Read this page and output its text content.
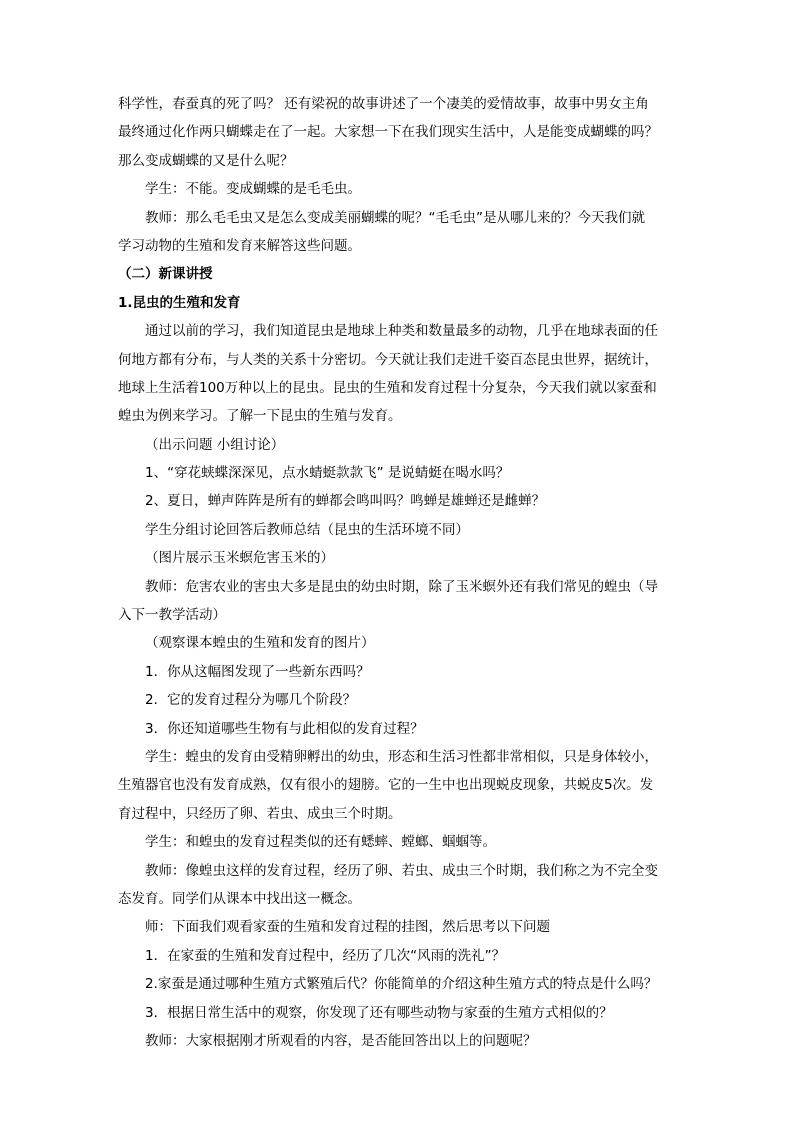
科学性，春蚕真的死了吗？ 还有梁祝的故事讲述了一个凄美的爱情故事，故事中男女主角
最终通过化作两只蝴蝶走在了一起。大家想一下在我们现实生活中，人是能变成蝴蝶的吗？
那么变成蝴蝶的又是什么呢？
学生：不能。变成蝴蝶的是毛毛虫。
教师：那么毛毛虫又是怎么变成美丽蝴蝶的呢？“毛毛虫”是从哪儿来的？今天我们就
学习动物的生殖和发育来解答这些问题。
（二）新课讲授
1.昆虫的生殖和发育
通过以前的学习，我们知道昆虫是地球上种类和数量最多的动物，几乎在地球表面的任
何地方都有分布，与人类的关系十分密切。今天就让我们走进千姿百态昆虫世界，据统计，
地球上生活着100万种以上的昆虫。昆虫的生殖和发育过程十分复杂，今天我们就以家蚕和
蝗虫为例来学习。了解一下昆虫的生殖与发育。
（出示问题 小组讨论）
1、“穿花蛱蝶深深见，点水蜻蜓款款飞” 是说蜻蜓在喝水吗？
2、夏日，蝉声阵阵是所有的蝉都会鸣叫吗？鸣蝉是雄蝉还是雌蝉？
学生分组讨论回答后教师总结（昆虫的生活环境不同）
（图片展示玉米螟危害玉米的）
教师：危害农业的害虫大多是昆虫的幼虫时期，除了玉米螟外还有我们常见的蝗虫（导
入下一教学活动）
（观察课本蝗虫的生殖和发育的图片）
1．你从这幅图发现了一些新东西吗？
2．它的发育过程分为哪几个阶段？
3．你还知道哪些生物有与此相似的发育过程？
学生：蝗虫的发育由受精卵孵出的幼虫，形态和生活习性都非常相似，只是身体较小，
生殖器官也没有发育成熟，仅有很小的翅膀。它的一生中也出现蜕皮现象，共蜕皮5次。发
育过程中，只经历了卵、若虫、成虫三个时期。
学生：和蝗虫的发育过程类似的还有蟋蟀、螳螂、蝈蝈等。
教师：像蝗虫这样的发育过程，经历了卵、若虫、成虫三个时期，我们称之为不完全变
态发育。同学们从课本中找出这一概念。
师：下面我们观看家蚕的生殖和发育过程的挂图，然后思考以下问题
1．在家蚕的生殖和发育过程中，经历了几次“风雨的洗礼”？
2.家蚕是通过哪种生殖方式繁殖后代？你能简单的介绍这种生殖方式的特点是什么吗？
3．根据日常生活中的观察，你发现了还有哪些动物与家蚕的生殖方式相似的？
教师：大家根据刚才所观看的内容，是否能回答出以上的问题呢？
